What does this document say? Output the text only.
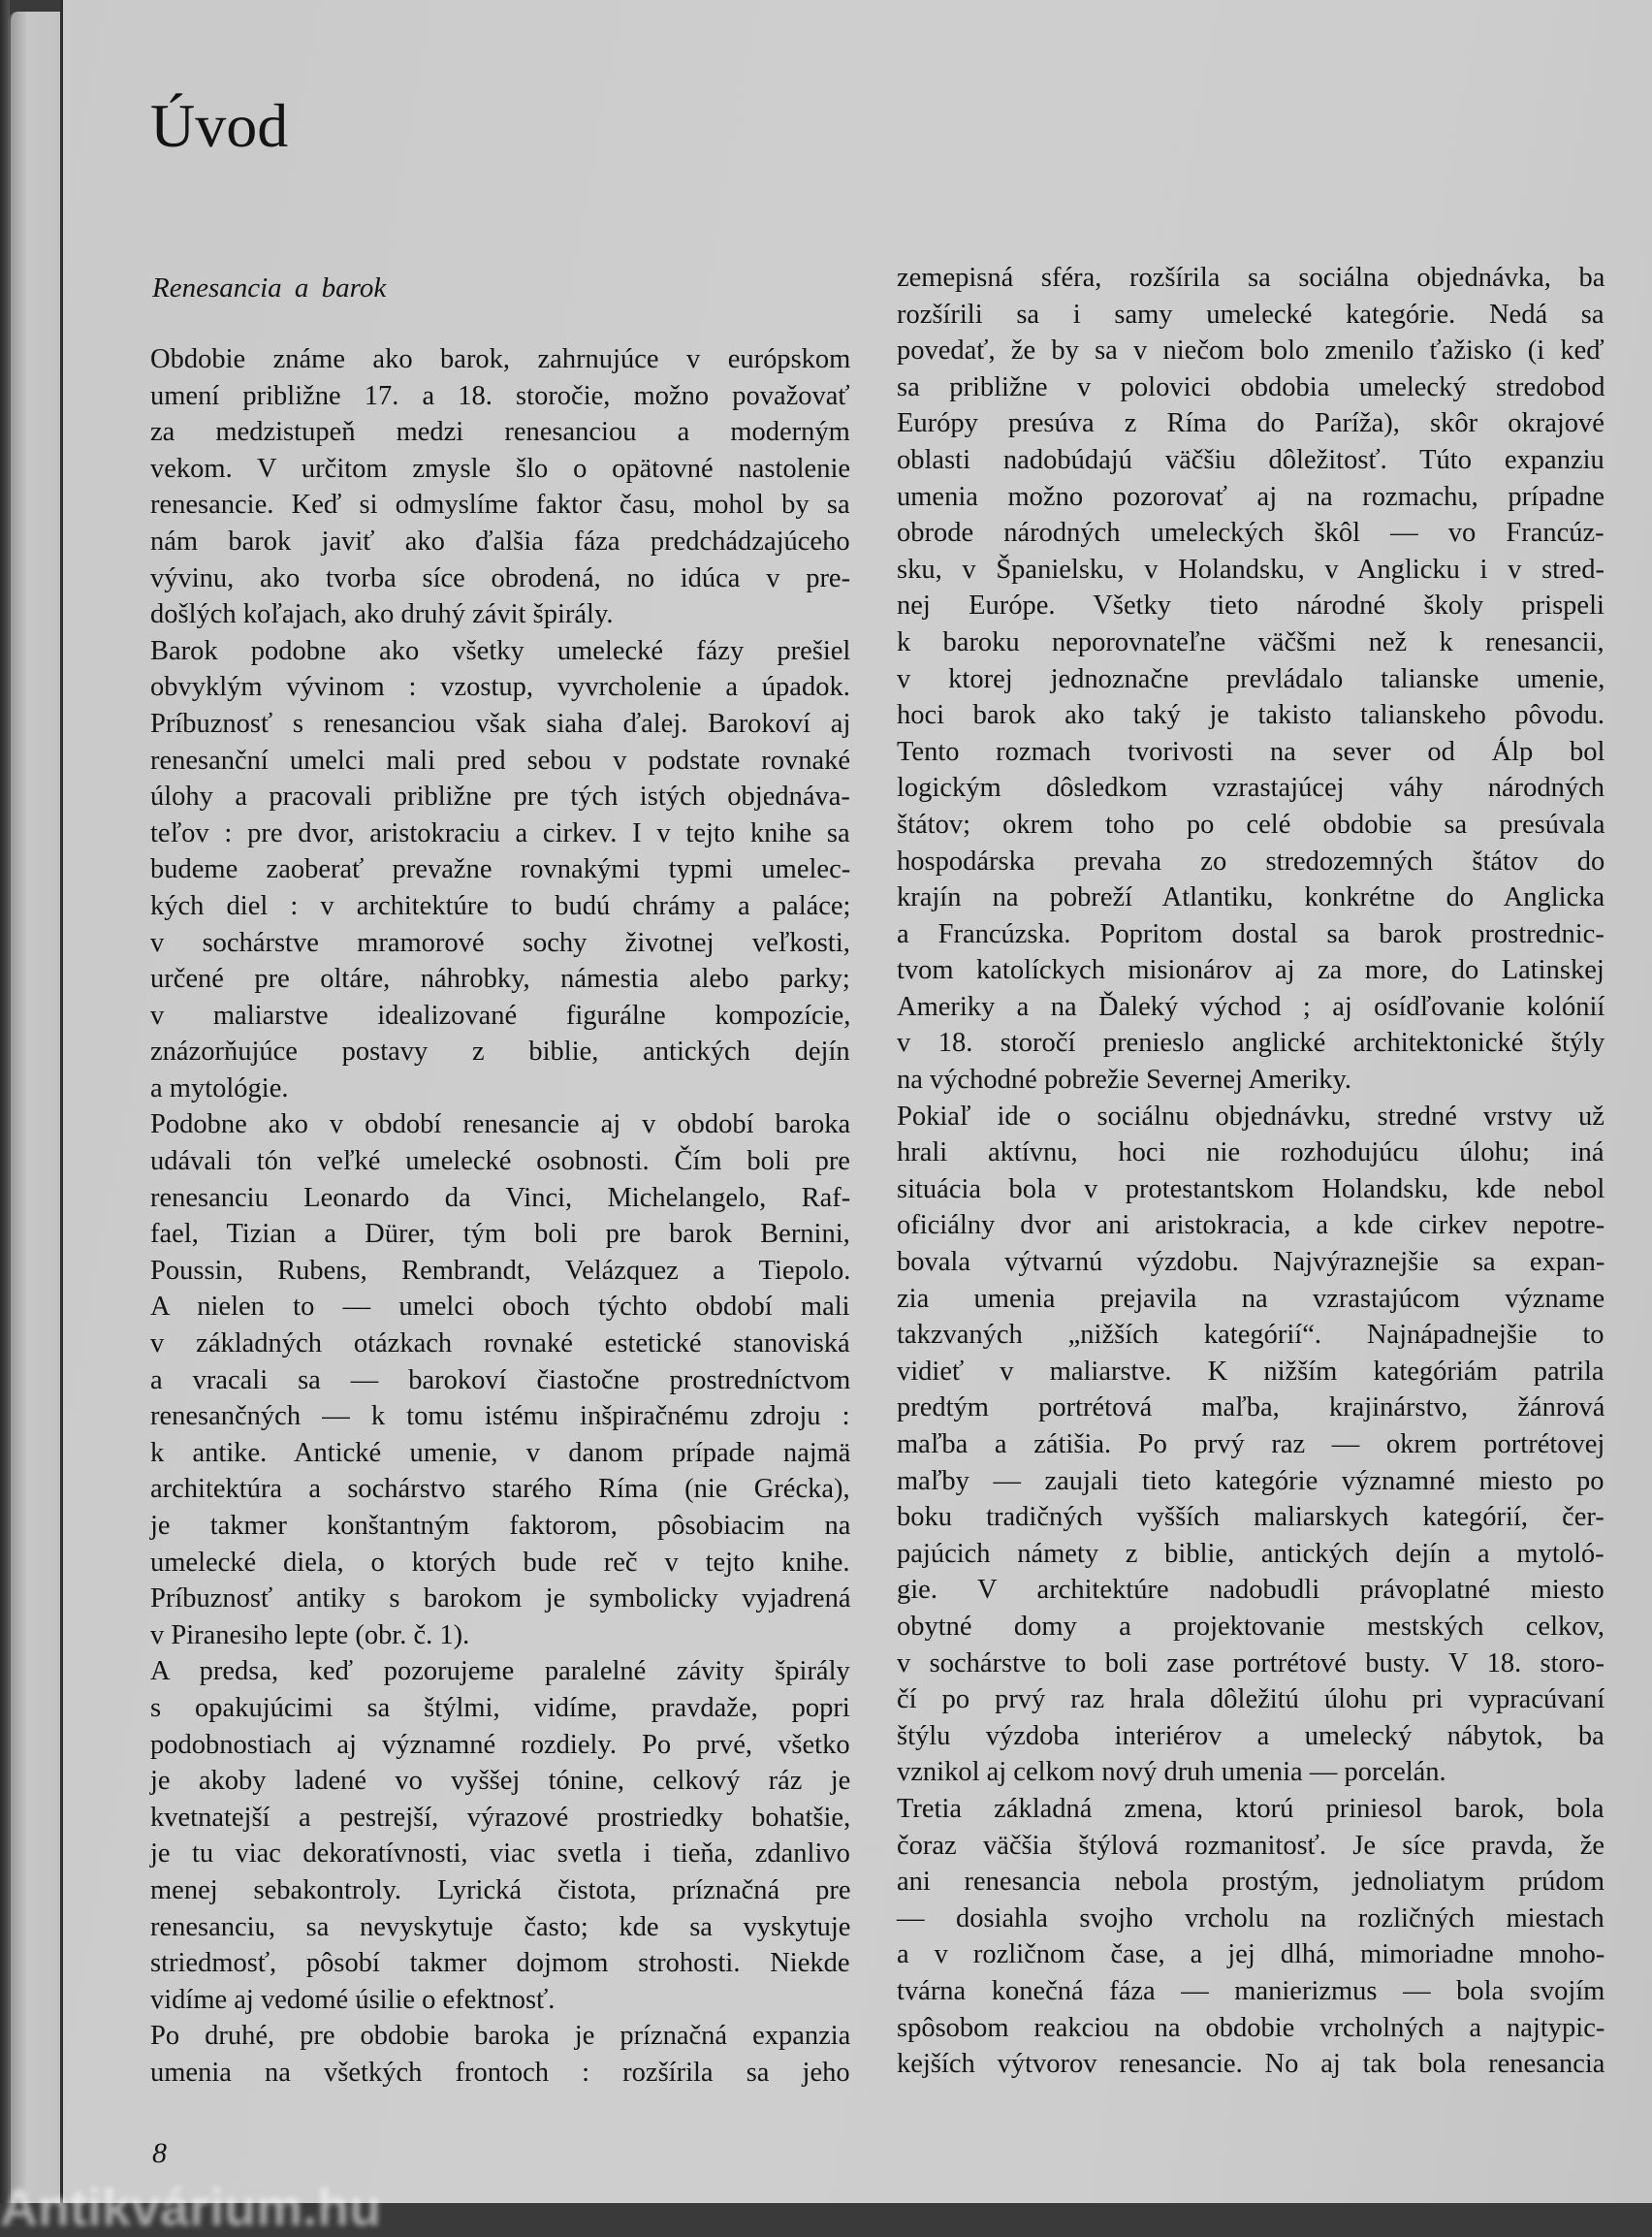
Úvod
Renesancia a barok
Obdobie známe ako barok, zahrnujúce v európskom
umení približne 17. a 18. storočie, možno považovať
za medzistupeň medzi renesanciou a moderným
vekom. V určitom zmysle šlo o opätovné nastolenie
renesancie. Keď si odmyslíme faktor času, mohol by sa
nám barok javiť ako ďalšia fáza predchádzajúceho
vývinu, ako tvorba síce obrodená, no idúca v pre-
došlých koľajach, ako druhý závit špirály.
Barok podobne ako všetky umelecké fázy prešiel
obvyklým vývinom : vzostup, vyvrcholenie a úpadok.
Príbuznosť s renesanciou však siaha ďalej. Barokoví aj
renesanční umelci mali pred sebou v podstate rovnaké
úlohy a pracovali približne pre tých istých objednáva-
teľov : pre dvor, aristokraciu a cirkev. I v tejto knihe sa
budeme zaoberať prevažne rovnakými typmi umelec-
kých diel : v architektúre to budú chrámy a paláce;
v sochárstve mramorové sochy životnej veľkosti,
určené pre oltáre, náhrobky, námestia alebo parky;
v maliarstve idealizované figurálne kompozície,
znázorňujúce postavy z biblie, antických dejín
a mytológie.
Podobne ako v období renesancie aj v období baroka
udávali tón veľké umelecké osobnosti. Čím boli pre
renesanciu Leonardo da Vinci, Michelangelo, Raf-
fael, Tizian a Dürer, tým boli pre barok Bernini,
Poussin, Rubens, Rembrandt, Velázquez a Tiepolo.
A nielen to — umelci oboch týchto období mali
v základných otázkach rovnaké estetické stanoviská
a vracali sa — barokoví čiastočne prostredníctvom
renesančných — k tomu istému inšpiračnému zdroju :
k antike. Antické umenie, v danom prípade najmä
architektúra a sochárstvo starého Ríma (nie Grécka),
je takmer konštantným faktorom, pôsobiacim na
umelecké diela, o ktorých bude reč v tejto knihe.
Príbuznosť antiky s barokom je symbolicky vyjadrená
v Piranesiho lepte (obr. č. 1).
A predsa, keď pozorujeme paralelné závity špirály
s opakujúcimi sa štýlmi, vidíme, pravdaže, popri
podobnostiach aj významné rozdiely. Po prvé, všetko
je akoby ladené vo vyššej tónine, celkový ráz je
kvetnatejší a pestrejší, výrazové prostriedky bohatšie,
je tu viac dekoratívnosti, viac svetla i tieňa, zdanlivo
menej sebakontroly. Lyrická čistota, príznačná pre
renesanciu, sa nevyskytuje často; kde sa vyskytuje
striedmosť, pôsobí takmer dojmom strohosti. Niekde
vidíme aj vedomé úsilie o efektnosť.
Po druhé, pre obdobie baroka je príznačná expanzia
umenia na všetkých frontoch : rozšírila sa jeho
zemepisná sféra, rozšírila sa sociálna objednávka, ba
rozšírili sa i samy umelecké kategórie. Nedá sa
povedať, že by sa v niečom bolo zmenilo ťažisko (i keď
sa približne v polovici obdobia umelecký stredobod
Európy presúva z Ríma do Paríža), skôr okrajové
oblasti nadobúdajú väčšiu dôležitosť. Túto expanziu
umenia možno pozorovať aj na rozmachu, prípadne
obrode národných umeleckých škôl — vo Francúz-
sku, v Španielsku, v Holandsku, v Anglicku i v stred-
nej Európe. Všetky tieto národné školy prispeli
k baroku neporovnateľne väčšmi než k renesancii,
v ktorej jednoznačne prevládalo talianske umenie,
hoci barok ako taký je takisto talianskeho pôvodu.
Tento rozmach tvorivosti na sever od Álp bol
logickým dôsledkom vzrastajúcej váhy národných
štátov; okrem toho po celé obdobie sa presúvala
hospodárska prevaha zo stredozemných štátov do
krajín na pobreží Atlantiku, konkrétne do Anglicka
a Francúzska. Popritom dostal sa barok prostrednic-
tvom katolíckych misionárov aj za more, do Latinskej
Ameriky a na Ďaleký východ ; aj osídľovanie kolónií
v 18. storočí prenieslo anglické architektonické štýly
na východné pobrežie Severnej Ameriky.
Pokiaľ ide o sociálnu objednávku, stredné vrstvy už
hrali aktívnu, hoci nie rozhodujúcu úlohu; iná
situácia bola v protestantskom Holandsku, kde nebol
oficiálny dvor ani aristokracia, a kde cirkev nepotre-
bovala výtvarnú výzdobu. Najvýraznejšie sa expan-
zia umenia prejavila na vzrastajúcom význame
takzvaných „nižších kategórií“. Najnápadnejšie to
vidieť v maliarstve. K nižším kategóriám patrila
predtým portrétová maľba, krajinárstvo, žánrová
maľba a zátišia. Po prvý raz — okrem portrétovej
maľby — zaujali tieto kategórie významné miesto po
boku tradičných vyšších maliarskych kategórií, čer-
pajúcich námety z biblie, antických dejín a mytoló-
gie. V architektúre nadobudli právoplatné miesto
obytné domy a projektovanie mestských celkov,
v sochárstve to boli zase portrétové busty. V 18. storo-
čí po prvý raz hrala dôležitú úlohu pri vypracúvaní
štýlu výzdoba interiérov a umelecký nábytok, ba
vznikol aj celkom nový druh umenia — porcelán.
Tretia základná zmena, ktorú priniesol barok, bola
čoraz väčšia štýlová rozmanitosť. Je síce pravda, že
ani renesancia nebola prostým, jednoliatym prúdom
— dosiahla svojho vrcholu na rozličných miestach
a v rozličnom čase, a jej dlhá, mimoriadne mnoho-
tvárna konečná fáza — manierizmus — bola svojím
spôsobom reakciou na obdobie vrcholných a najtypic-
kejších výtvorov renesancie. No aj tak bola renesancia
8
Antikvárium.hu
